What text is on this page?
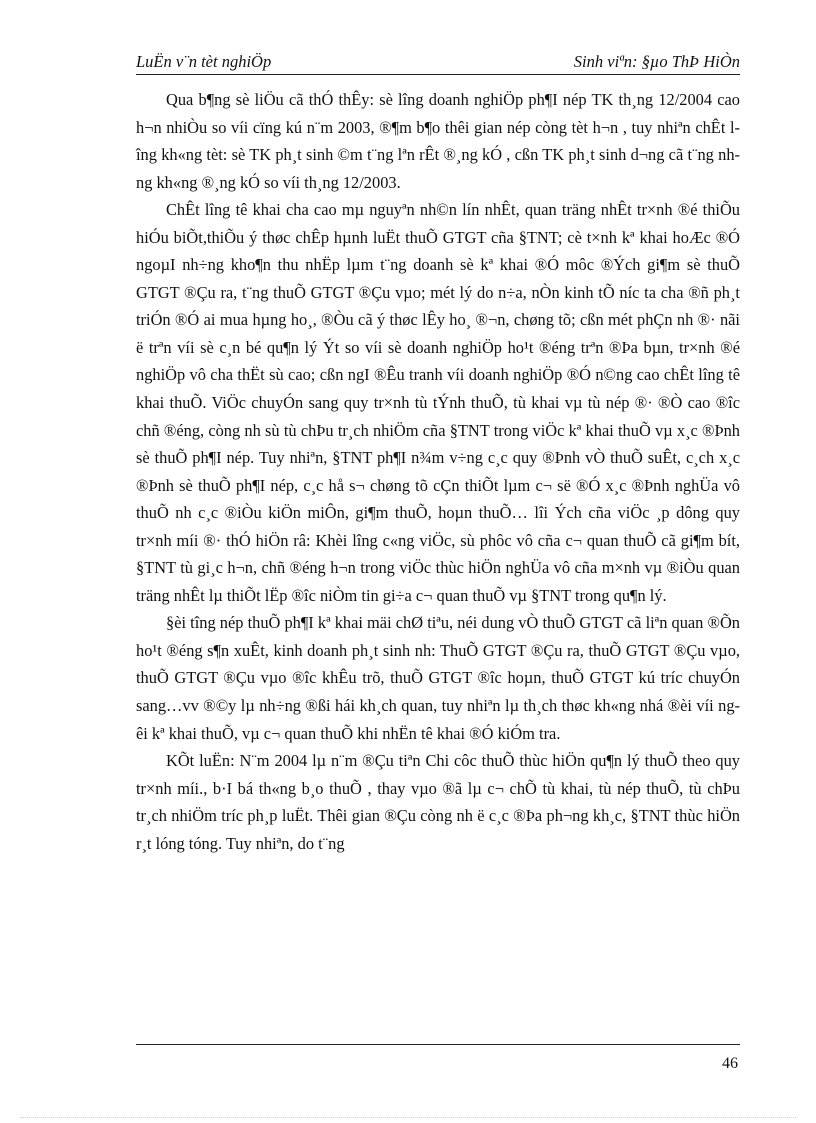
LuËn v¨n tèt nghiÖp	Sinh viªn: §µo ThÞ HiÒn

Qua b¶ng sè liÖu cã thÓ thÊy: sè lîng doanh nghiÖp ph¶I nép TK th¸ng 12/2004 cao h¬n nhiÒu so víi cïng kú n¨m 2003, ®¶m b¶o thêi gian nép còng tèt h¬n , tuy nhiªn chÊt lîng kh«ng tèt: sè TK ph¸t sinh ©m t¨ng lªn rÊt ®¸ng kÓ , cßn TK ph¸t sinh d¬ng cã t¨ng nhng kh«ng ®¸ng kÓ so víi th¸ng 12/2003.

ChÊt lîng tê khai cha cao mµ nguyªn nh©n lín nhÊt, quan träng nhÊt tr×nh ®é thiÕu hiÓu biÕt,thiÕu ý thøc chÊp hµnh luËt thuÕ GTGT cña §TNT; cè t×nh kª khai hoÆc ®Ó ngoµI nh÷ng kho¶n thu nhËp lµm t¨ng doanh sè kª khai ®Ó môc ®Ých gi¶m sè thuÕ GTGT ®Çu ra, t¨ng thuÕ GTGT ®Çu vµo; mét lý do n÷a, nÒn kinh tÕ níc ta cha ®ñ ph¸t triÓn ®Ó ai mua hµng ho¸, ®Òu cã ý thøc lÊy ho¸ ®¬n, chøng tõ; cßn mét phÇn nh ®· nãi ë trªn víi sè c¸n bé qu¶n lý Ýt so víi sè doanh nghiÖp ho¹t ®éng trªn ®Þa bµn, tr×nh ®é nghiÖp vô cha thËt sù cao; cßn ngI ®Êu tranh víi doanh nghiÖp ®Ó n©ng cao chÊt lîng tê khai thuÕ. ViÖc chuyÓn sang quy tr×nh tù tÝnh thuÕ, tù khai vµ tù nép ®· ®Ò cao ®îc chñ ®éng, còng nh sù tù chÞu tr¸ch nhiÖm cña §TNT trong viÖc kª khai thuÕ vµ x¸c ®Þnh sè thuÕ ph¶I nép. Tuy nhiªn, §TNT ph¶I n¾m v÷ng c¸c quy ®Þnh vÒ thuÕ suÊt, c¸ch x¸c ®Þnh sè thuÕ ph¶I nép, c¸c hå s¬ chøng tõ cÇn thiÕt lµm c¬ së ®Ó x¸c ®Þnh nghÜa vô thuÕ nh c¸c ®iÒu kiÖn miÔn, gi¶m thuÕ, hoµn thuÕ… lîi Ých cña viÖc ¸p dông quy tr×nh míi ®· thÓ hiÖn râ: Khèi lîng c«ng viÖc, sù phôc vô cña c¬ quan thuÕ cã gi¶m bít, §TNT tù gi¸c h¬n, chñ ®éng h¬n trong viÖc thùc hiÖn nghÜa vô cña m×nh vµ ®iÒu quan träng nhÊt lµ thiÕt lËp ®îc niÒm tin gi÷a c¬ quan thuÕ vµ §TNT trong qu¶n lý.

§èi tîng nép thuÕ ph¶I kª khai mäi chØ tiªu, néi dung vÒ thuÕ GTGT cã liªn quan ®Õn ho¹t ®éng s¶n xuÊt, kinh doanh ph¸t sinh nh: ThuÕ GTGT ®Çu ra, thuÕ GTGT ®Çu vµo, thuÕ GTGT ®Çu vµo ®îc khÊu trõ, thuÕ GTGT ®îc hoµn, thuÕ GTGT kú tríc chuyÓn sang…vv ®©y lµ nh÷ng ®ßi hái kh¸ch quan, tuy nhiªn lµ th¸ch thøc kh«ng nhá ®èi víi ngêi kª khai thuÕ, vµ c¬ quan thuÕ khi nhËn tê khai ®Ó kiÓm tra.

KÕt luËn: N¨m 2004 lµ n¨m ®Çu tiªn Chi côc thuÕ thùc hiÖn qu¶n lý thuÕ theo quy tr×nh míi., b·I bá th«ng b¸o thuÕ , thay vµo ®ã lµ c¬ chÕ tù khai, tù nép thuÕ, tù chÞu tr¸ch nhiÖm tríc ph¸p luËt. Thêi gian ®Çu còng nh ë c¸c ®Þa ph¬ng kh¸c, §TNT thùc hiÖn r¸t lóng tóng. Tuy nhiªn, do t¨ng

46
